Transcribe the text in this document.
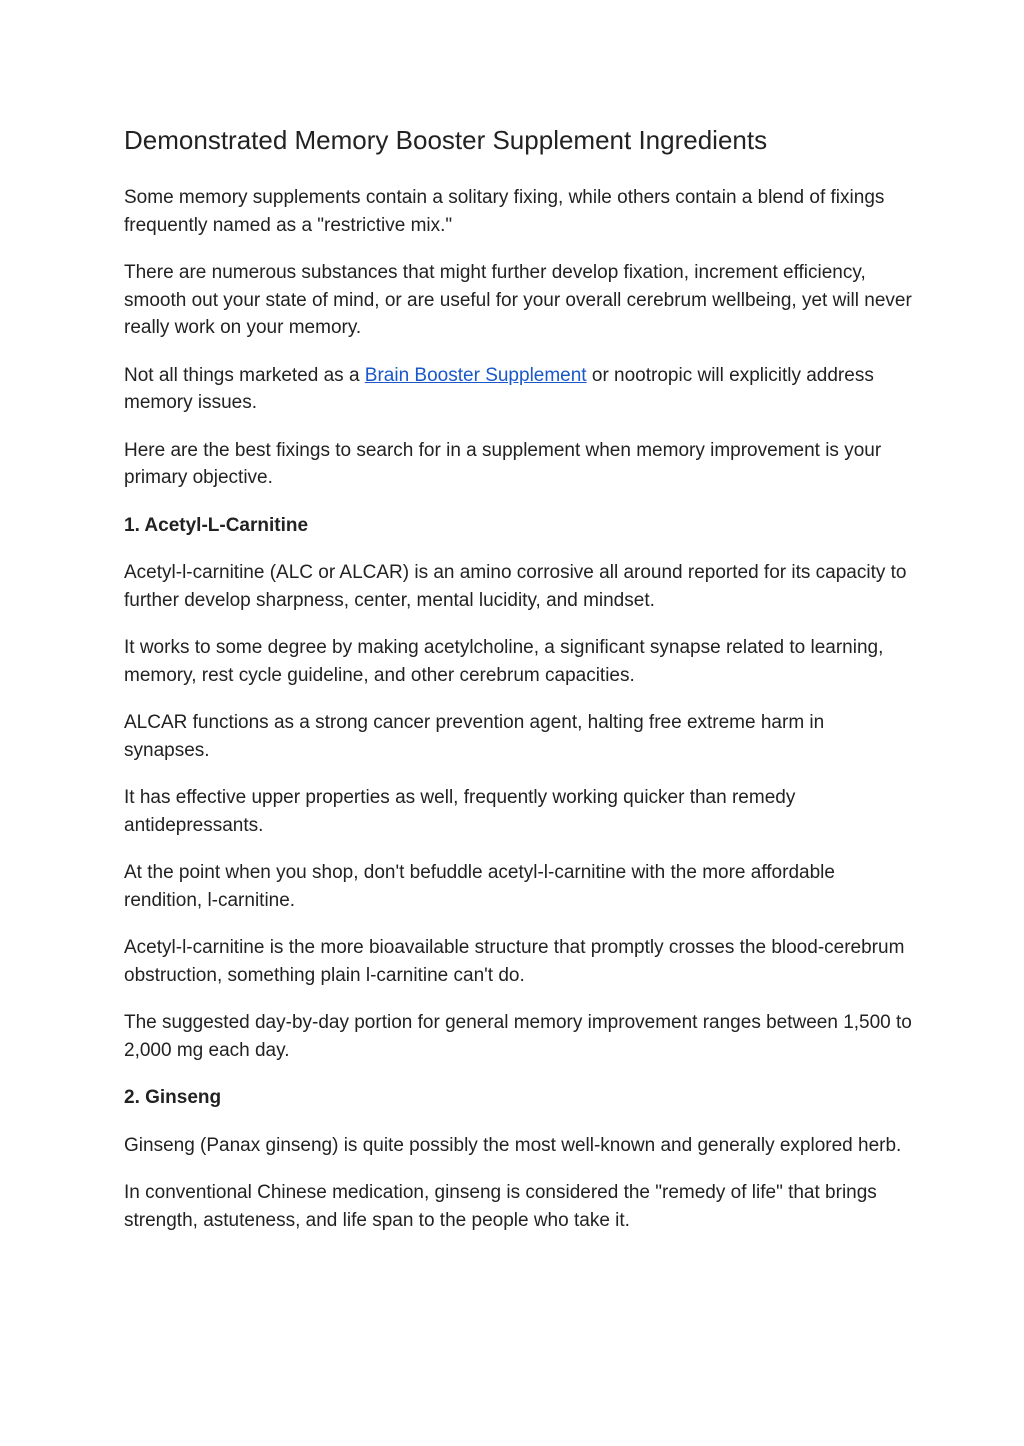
Demonstrated Memory Booster Supplement Ingredients

Some memory supplements contain a solitary fixing, while others contain a blend of fixings frequently named as a "restrictive mix."

There are numerous substances that might further develop fixation, increment efficiency, smooth out your state of mind, or are useful for your overall cerebrum wellbeing, yet will never really work on your memory.

Not all things marketed as a Brain Booster Supplement or nootropic will explicitly address memory issues.

Here are the best fixings to search for in a supplement when memory improvement is your primary objective.

1. Acetyl-L-Carnitine

Acetyl-l-carnitine (ALC or ALCAR) is an amino corrosive all around reported for its capacity to further develop sharpness, center, mental lucidity, and mindset.

It works to some degree by making acetylcholine, a significant synapse related to learning, memory, rest cycle guideline, and other cerebrum capacities.

ALCAR functions as a strong cancer prevention agent, halting free extreme harm in synapses.

It has effective upper properties as well, frequently working quicker than remedy antidepressants.

At the point when you shop, don't befuddle acetyl-l-carnitine with the more affordable rendition, l-carnitine.

Acetyl-l-carnitine is the more bioavailable structure that promptly crosses the blood-cerebrum obstruction, something plain l-carnitine can't do.

The suggested day-by-day portion for general memory improvement ranges between 1,500 to 2,000 mg each day.

2. Ginseng

Ginseng (Panax ginseng) is quite possibly the most well-known and generally explored herb.

In conventional Chinese medication, ginseng is considered the "remedy of life" that brings strength, astuteness, and life span to the people who take it.
